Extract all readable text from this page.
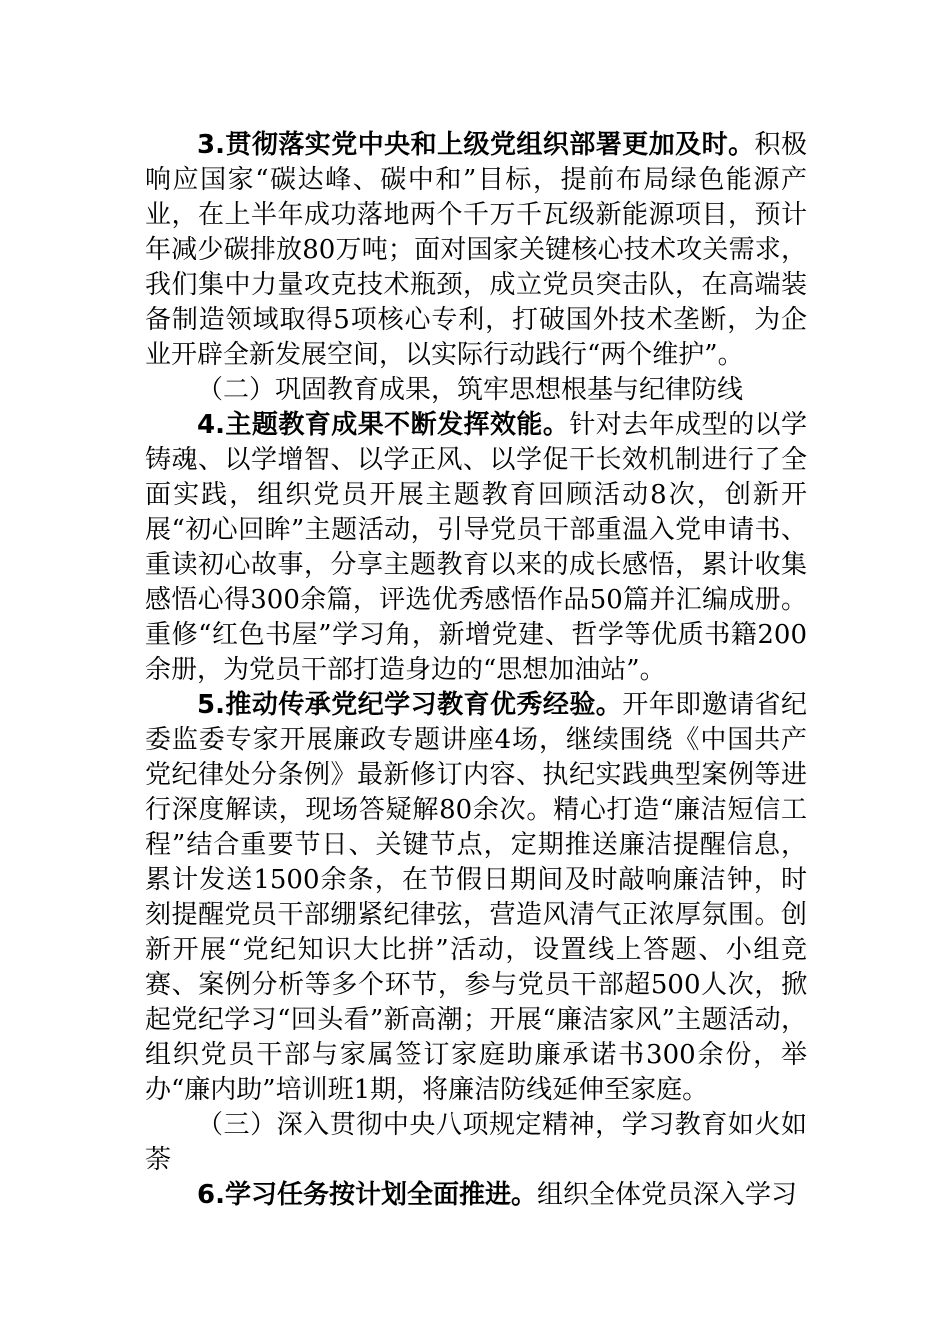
3.贯彻落实党中央和上级党组织部署更加及时。积极响应国家“碳达峰、碳中和”目标，提前布局绿色能源产业，在上半年成功落地两个千万千瓦级新能源项目，预计年减少碳排放80万吨；面对国家关键核心技术攻关需求，我们集中力量攻克技术瓶颈，成立党员突击队，在高端装备制造领域取得5项核心专利，打破国外技术垄断，为企业开辟全新发展空间，以实际行动践行“两个维护”。

（二）巩固教育成果，筑牢思想根基与纪律防线

4.主题教育成果不断发挥效能。针对去年成型的以学铸魂、以学增智、以学正风、以学促干长效机制进行了全面实践，组织党员开展主题教育回顾活动8次，创新开展“初心回眸”主题活动，引导党员干部重温入党申请书、重读初心故事，分享主题教育以来的成长感悟，累计收集感悟心得300余篇，评选优秀感悟作品50篇并汇编成册。重修“红色书屋”学习角，新增党建、哲学等优质书籍200余册，为党员干部打造身边的“思想加油站”。

5.推动传承党纪学习教育优秀经验。开年即邀请省纪委监委专家开展廉政专题讲座4场，继续围绕《中国共产党纪律处分条例》最新修订内容、执纪实践典型案例等进行深度解读，现场答疑解80余次。精心打造“廉洁短信工程”结合重要节日、关键节点，定期推送廉洁提醒信息，累计发送1500余条，在节假日期间及时敲响廉洁钟，时刻提醒党员干部绷紧纪律弦，营造风清气正浓厚氛围。创新开展“党纪知识大比拼”活动，设置线上答题、小组竞赛、案例分析等多个环节，参与党员干部超500人次，掀起党纪学习“回头看”新高潮；开展“廉洁家风”主题活动，组织党员干部与家属签订家庭助廉承诺书300余份，举办“廉内助”培训班1期，将廉洁防线延伸至家庭。

（三）深入贯彻中央八项规定精神，学习教育如火如荼

6.学习任务按计划全面推进。组织全体党员深入学习
